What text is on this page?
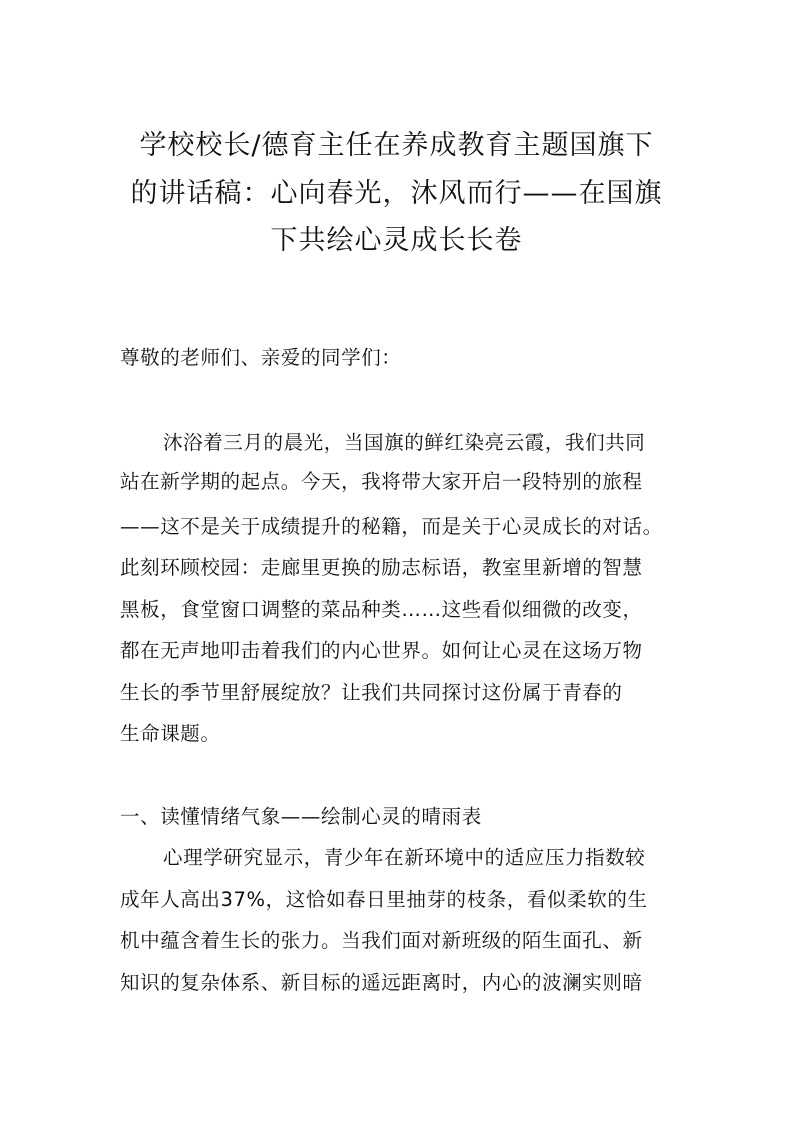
学校校长/德育主任在养成教育主题国旗下
的讲话稿：心向春光，沐风而行——在国旗
下共绘心灵成长长卷
尊敬的老师们、亲爱的同学们：
沐浴着三月的晨光，当国旗的鲜红染亮云霞，我们共同
站在新学期的起点。今天，我将带大家开启一段特别的旅程
——这不是关于成绩提升的秘籍，而是关于心灵成长的对话。
此刻环顾校园：走廊里更换的励志标语，教室里新增的智慧
黑板，食堂窗口调整的菜品种类……这些看似细微的改变，
都在无声地叩击着我们的内心世界。如何让心灵在这场万物
生长的季节里舒展绽放？让我们共同探讨这份属于青春的
生命课题。
一、读懂情绪气象——绘制心灵的晴雨表
心理学研究显示，青少年在新环境中的适应压力指数较
成年人高出37%，这恰如春日里抽芽的枝条，看似柔软的生
机中蕴含着生长的张力。当我们面对新班级的陌生面孔、新
知识的复杂体系、新目标的遥远距离时，内心的波澜实则暗
